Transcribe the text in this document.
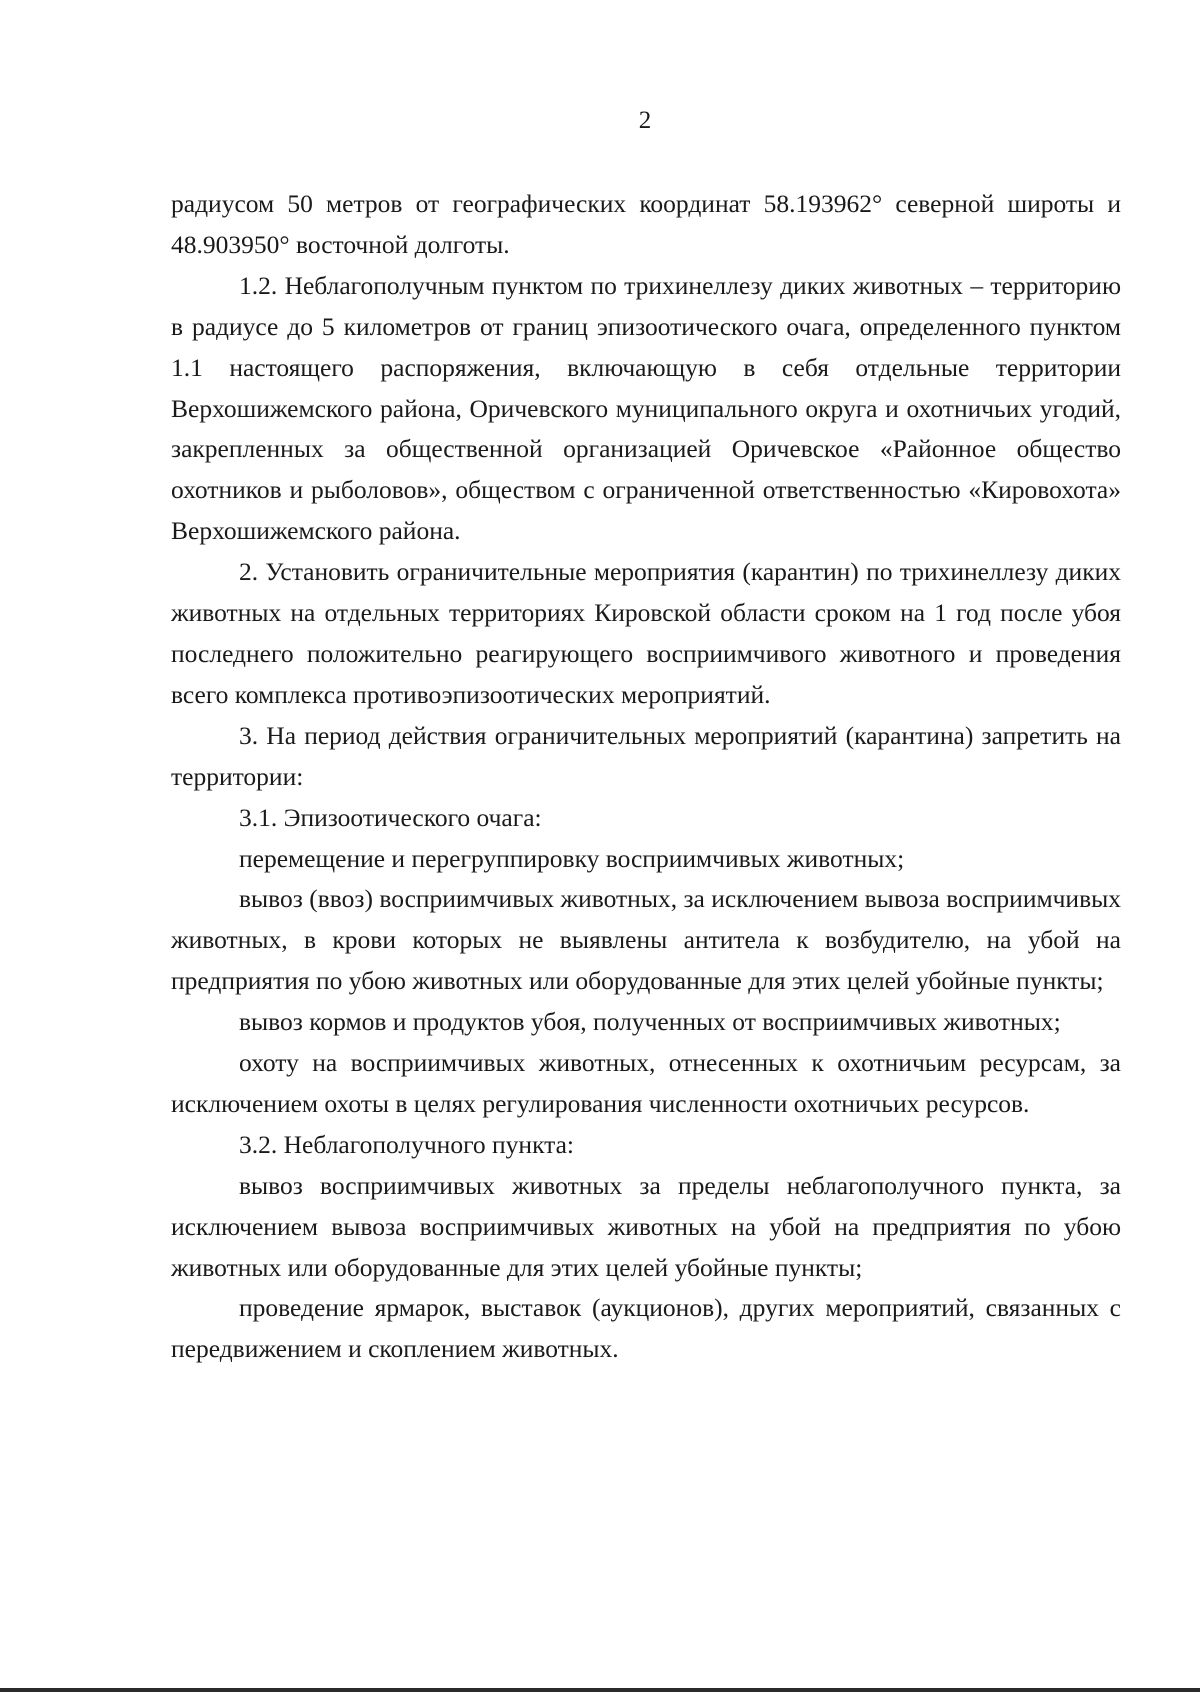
2

радиусом 50 метров от географических координат 58.193962° северной широты и 48.903950° восточной долготы.

1.2. Неблагополучным пунктом по трихинеллезу диких животных – территорию в радиусе до 5 километров от границ эпизоотического очага, определенного пунктом 1.1 настоящего распоряжения, включающую в себя отдельные территории Верхошижемского района, Оричевского муниципального округа и охотничьих угодий, закрепленных за общественной организацией Оричевское «Районное общество охотников и рыболовов», обществом с ограниченной ответственностью «Кировохота» Верхошижемского района.

2. Установить ограничительные мероприятия (карантин) по трихинеллезу диких животных на отдельных территориях Кировской области сроком на 1 год после убоя последнего положительно реагирующего восприимчивого животного и проведения всего комплекса противоэпизоотических мероприятий.

3. На период действия ограничительных мероприятий (карантина) запретить на территории:

3.1. Эпизоотического очага:

перемещение и перегруппировку восприимчивых животных;

вывоз (ввоз) восприимчивых животных, за исключением вывоза восприимчивых животных, в крови которых не выявлены антитела к возбудителю, на убой на предприятия по убою животных или оборудованные для этих целей убойные пункты;

вывоз кормов и продуктов убоя, полученных от восприимчивых животных;

охоту на восприимчивых животных, отнесенных к охотничьим ресурсам, за исключением охоты в целях регулирования численности охотничьих ресурсов.

3.2. Неблагополучного пункта:

вывоз восприимчивых животных за пределы неблагополучного пункта, за исключением вывоза восприимчивых животных на убой на предприятия по убою животных или оборудованные для этих целей убойные пункты;

проведение ярмарок, выставок (аукционов), других мероприятий, связанных с передвижением и скоплением животных.
